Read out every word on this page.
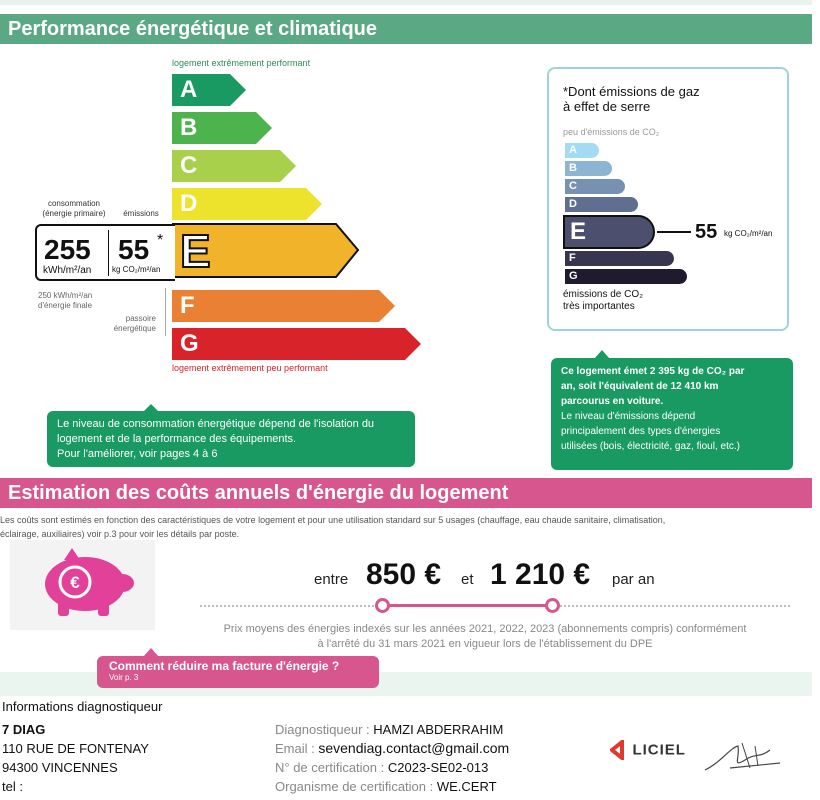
Performance énergétique et climatique
logement extrêmement performant
A
B
C
D
E
F
G
logement extrêmement peu performant
consommation
(énergie primaire)	émissions
255
kWh/m²/an
55 *
kg CO₂/m²/an
250 kWh/m²/an
d'énergie finale
passoire
énergétique
*Dont émissions de gaz
à effet de serre
peu d'émissions de CO₂
A
B
C
D
E
F
G
55 kg CO₂/m²/an
émissions de CO₂
très importantes
Le niveau de consommation énergétique dépend de l'isolation du
logement et de la performance des équipements.
Pour l'améliorer, voir pages 4 à 6
Ce logement émet 2 395 kg de CO₂ par
an, soit l'équivalent de 12 410 km
parcourus en voiture.
Le niveau d'émissions dépend
principalement des types d'énergies
utilisées (bois, électricité, gaz, fioul, etc.)
Estimation des coûts annuels d'énergie du logement
Les coûts sont estimés en fonction des caractéristiques de votre logement et pour une utilisation standard sur 5 usages (chauffage, eau chaude sanitaire, climatisation,
éclairage, auxiliaires) voir p.3 pour voir les détails par poste.
€	entre 850 € et 1 210 € par an
Prix moyens des énergies indexés sur les années 2021, 2022, 2023 (abonnements compris) conformément
à l'arrêté du 31 mars 2021 en vigueur lors de l'établissement du DPE
Comment réduire ma facture d'énergie ?
Voir p. 3
Informations diagnostiqueur
7 DIAG
110 RUE DE FONTENAY
94300 VINCENNES
tel :
Diagnostiqueur : HAMZI ABDERRAHIM
Email : sevendiag.contact@gmail.com
N° de certification : C2023-SE02-013
Organisme de certification : WE.CERT
LICIEL
